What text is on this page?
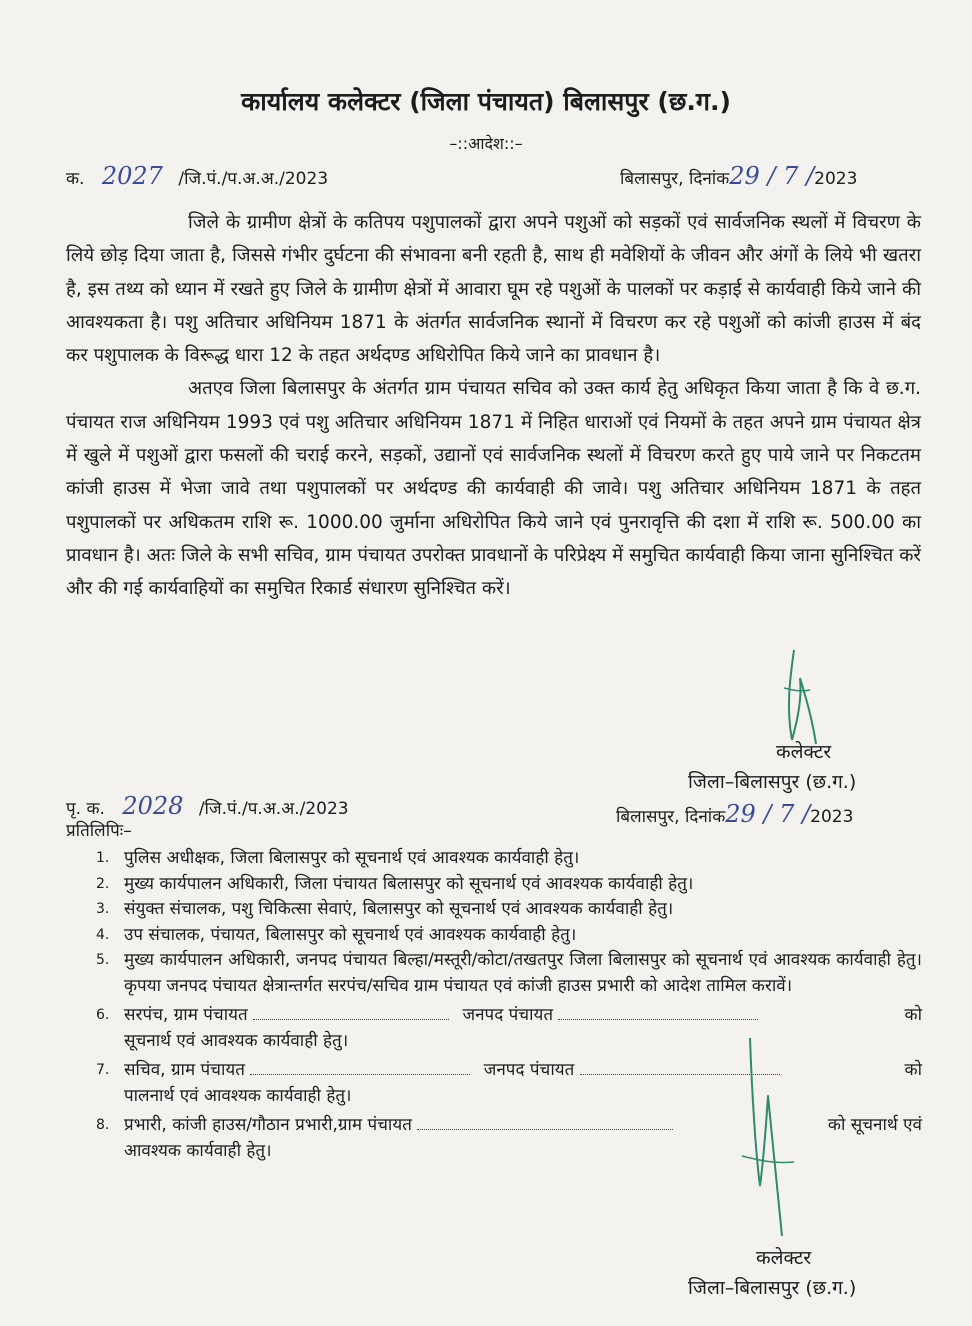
कार्यालय कलेक्टर (जिला पंचायत) बिलासपुर (छ.ग.)
–::आदेश::–
क. 2027 /जि.पं./प.अ.अ./2023	बिलासपुर, दिनांक29 / 7 /2023

जिले के ग्रामीण क्षेत्रों के कतिपय पशुपालकों द्वारा अपने पशुओं को सड़कों एवं सार्वजनिक स्थलों में विचरण के लिये छोड़ दिया जाता है, जिससे गंभीर दुर्घटना की संभावना बनी रहती है, साथ ही मवेशियों के जीवन और अंगों के लिये भी खतरा है, इस तथ्य को ध्यान में रखते हुए जिले के ग्रामीण क्षेत्रों में आवारा घूम रहे पशुओं के पालकों पर कड़ाई से कार्यवाही किये जाने की आवश्यकता है। पशु अतिचार अधिनियम 1871 के अंतर्गत सार्वजनिक स्थानों में विचरण कर रहे पशुओं को कांजी हाउस में बंद कर पशुपालक के विरूद्ध धारा 12 के तहत अर्थदण्ड अधिरोपित किये जाने का प्रावधान है।

अतएव जिला बिलासपुर के अंतर्गत ग्राम पंचायत सचिव को उक्त कार्य हेतु अधिकृत किया जाता है कि वे छ.ग. पंचायत राज अधिनियम 1993 एवं पशु अतिचार अधिनियम 1871 में निहित धाराओं एवं नियमों के तहत अपने ग्राम पंचायत क्षेत्र में खुले में पशुओं द्वारा फसलों की चराई करने, सड़कों, उद्यानों एवं सार्वजनिक स्थलों में विचरण करते हुए पाये जाने पर निकटतम कांजी हाउस में भेजा जावे तथा पशुपालकों पर अर्थदण्ड की कार्यवाही की जावे। पशु अतिचार अधिनियम 1871 के तहत पशुपालकों पर अधिकतम राशि रू. 1000.00 जुर्माना अधिरोपित किये जाने एवं पुनरावृत्ति की दशा में राशि रू. 500.00 का प्रावधान है। अतः जिले के सभी सचिव, ग्राम पंचायत उपरोक्त प्रावधानों के परिप्रेक्ष्य में समुचित कार्यवाही किया जाना सुनिश्चित करें और की गई कार्यवाहियों का समुचित रिकार्ड संधारण सुनिश्चित करें।

कलेक्टर
जिला–बिलासपुर (छ.ग.)
पृ. क. 2028 /जि.पं./प.अ.अ./2023	बिलासपुर, दिनांक29 / 7 /2023
प्रतिलिपिः–
1. पुलिस अधीक्षक, जिला बिलासपुर को सूचनार्थ एवं आवश्यक कार्यवाही हेतु।
2. मुख्य कार्यपालन अधिकारी, जिला पंचायत बिलासपुर को सूचनार्थ एवं आवश्यक कार्यवाही हेतु।
3. संयुक्त संचालक, पशु चिकित्सा सेवाएं, बिलासपुर को सूचनार्थ एवं आवश्यक कार्यवाही हेतु।
4. उप संचालक, पंचायत, बिलासपुर को सूचनार्थ एवं आवश्यक कार्यवाही हेतु।
5. मुख्य कार्यपालन अधिकारी, जनपद पंचायत बिल्हा/मस्तूरी/कोटा/तखतपुर जिला बिलासपुर को सूचनार्थ एवं आवश्यक कार्यवाही हेतु। कृपया जनपद पंचायत क्षेत्रान्तर्गत सरपंच/सचिव ग्राम पंचायत एवं कांजी हाउस प्रभारी को आदेश तामिल करावें।
6. सरपंच, ग्राम पंचायत	जनपद पंचायत	को
सूचनार्थ एवं आवश्यक कार्यवाही हेतु।
7. सचिव, ग्राम पंचायत	जनपद पंचायत	को
पालनार्थ एवं आवश्यक कार्यवाही हेतु।
8. प्रभारी, कांजी हाउस/गौठान प्रभारी,ग्राम पंचायत	को सूचनार्थ एवं
आवश्यक कार्यवाही हेतु।
कलेक्टर
जिला–बिलासपुर (छ.ग.)
